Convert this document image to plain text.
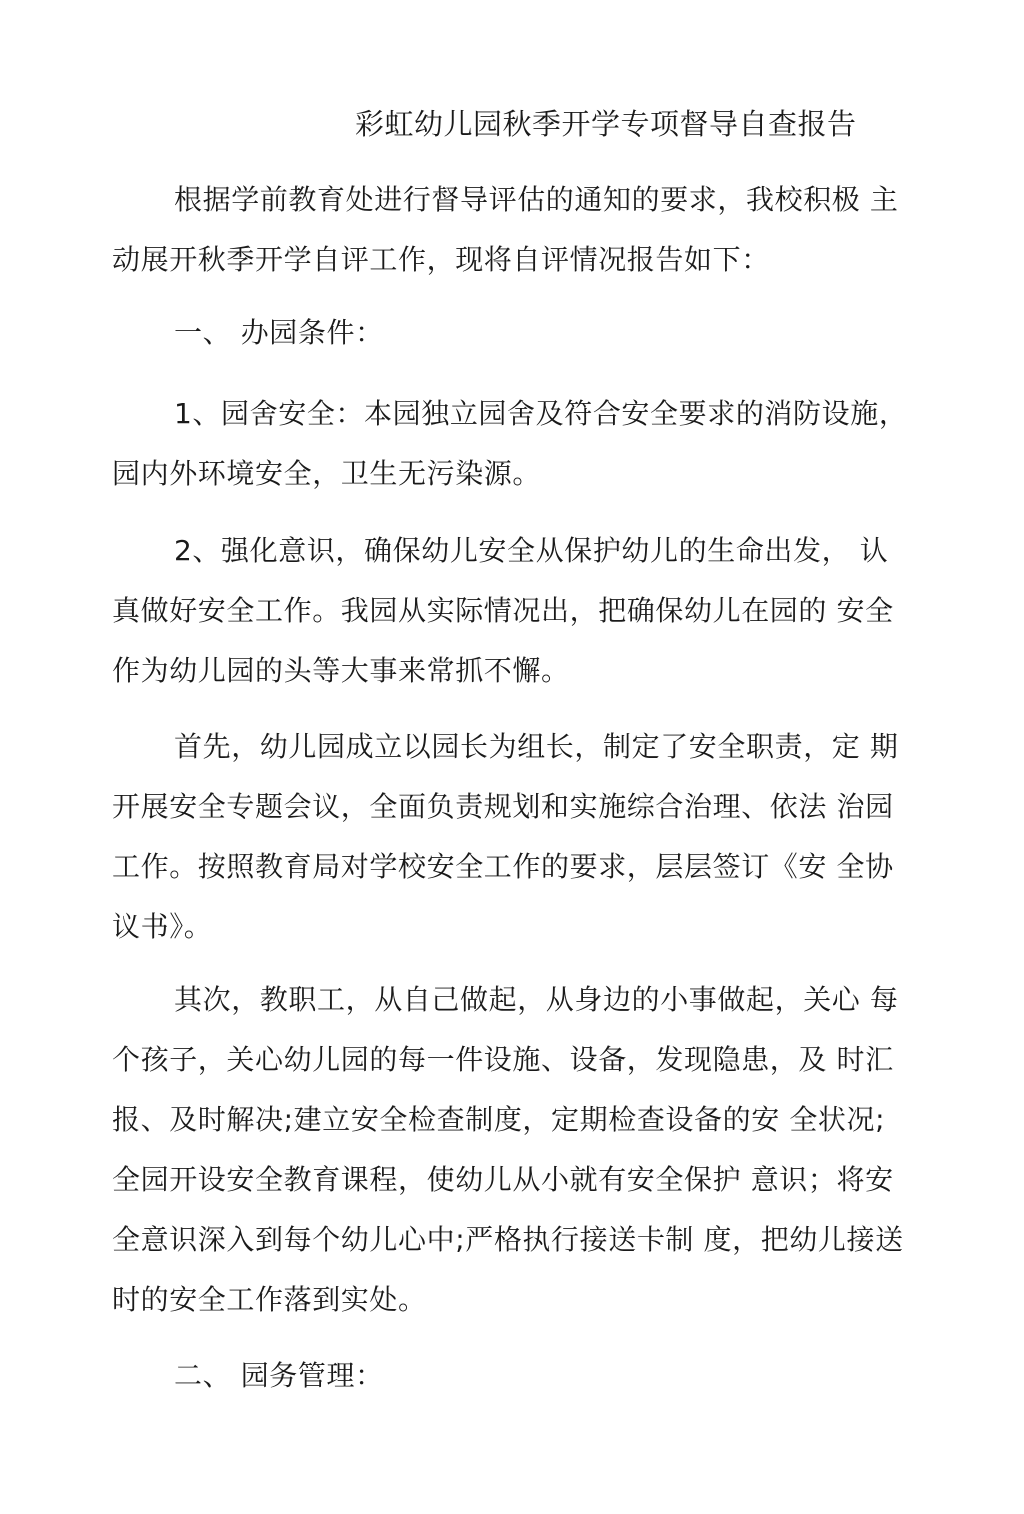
彩虹幼儿园秋季开学专项督导自查报告

根据学前教育处进行督导评估的通知的要求，我校积极 主动展开秋季开学自评工作，现将自评情况报告如下：

一、 办园条件：

1、园舍安全：本园独立园舍及符合安全要求的消防设施，园内外环境安全，卫生无污染源。

2、强化意识，确保幼儿安全从保护幼儿的生命出发， 认真做好安全工作。我园从实际情况出，把确保幼儿在园的 安全作为幼儿园的头等大事来常抓不懈。

首先，幼儿园成立以园长为组长，制定了安全职责，定 期开展安全专题会议，全面负责规划和实施综合治理、依法 治园工作。按照教育局对学校安全工作的要求，层层签订《安 全协议书》。

其次，教职工，从自己做起，从身边的小事做起，关心 每个孩子，关心幼儿园的每一件设施、设备，发现隐患，及 时汇报、及时解决;建立安全检查制度，定期检查设备的安 全状况;全园开设安全教育课程，使幼儿从小就有安全保护 意识；将安全意识深入到每个幼儿心中;严格执行接送卡制 度，把幼儿接送时的安全工作落到实处。

二、 园务管理：
